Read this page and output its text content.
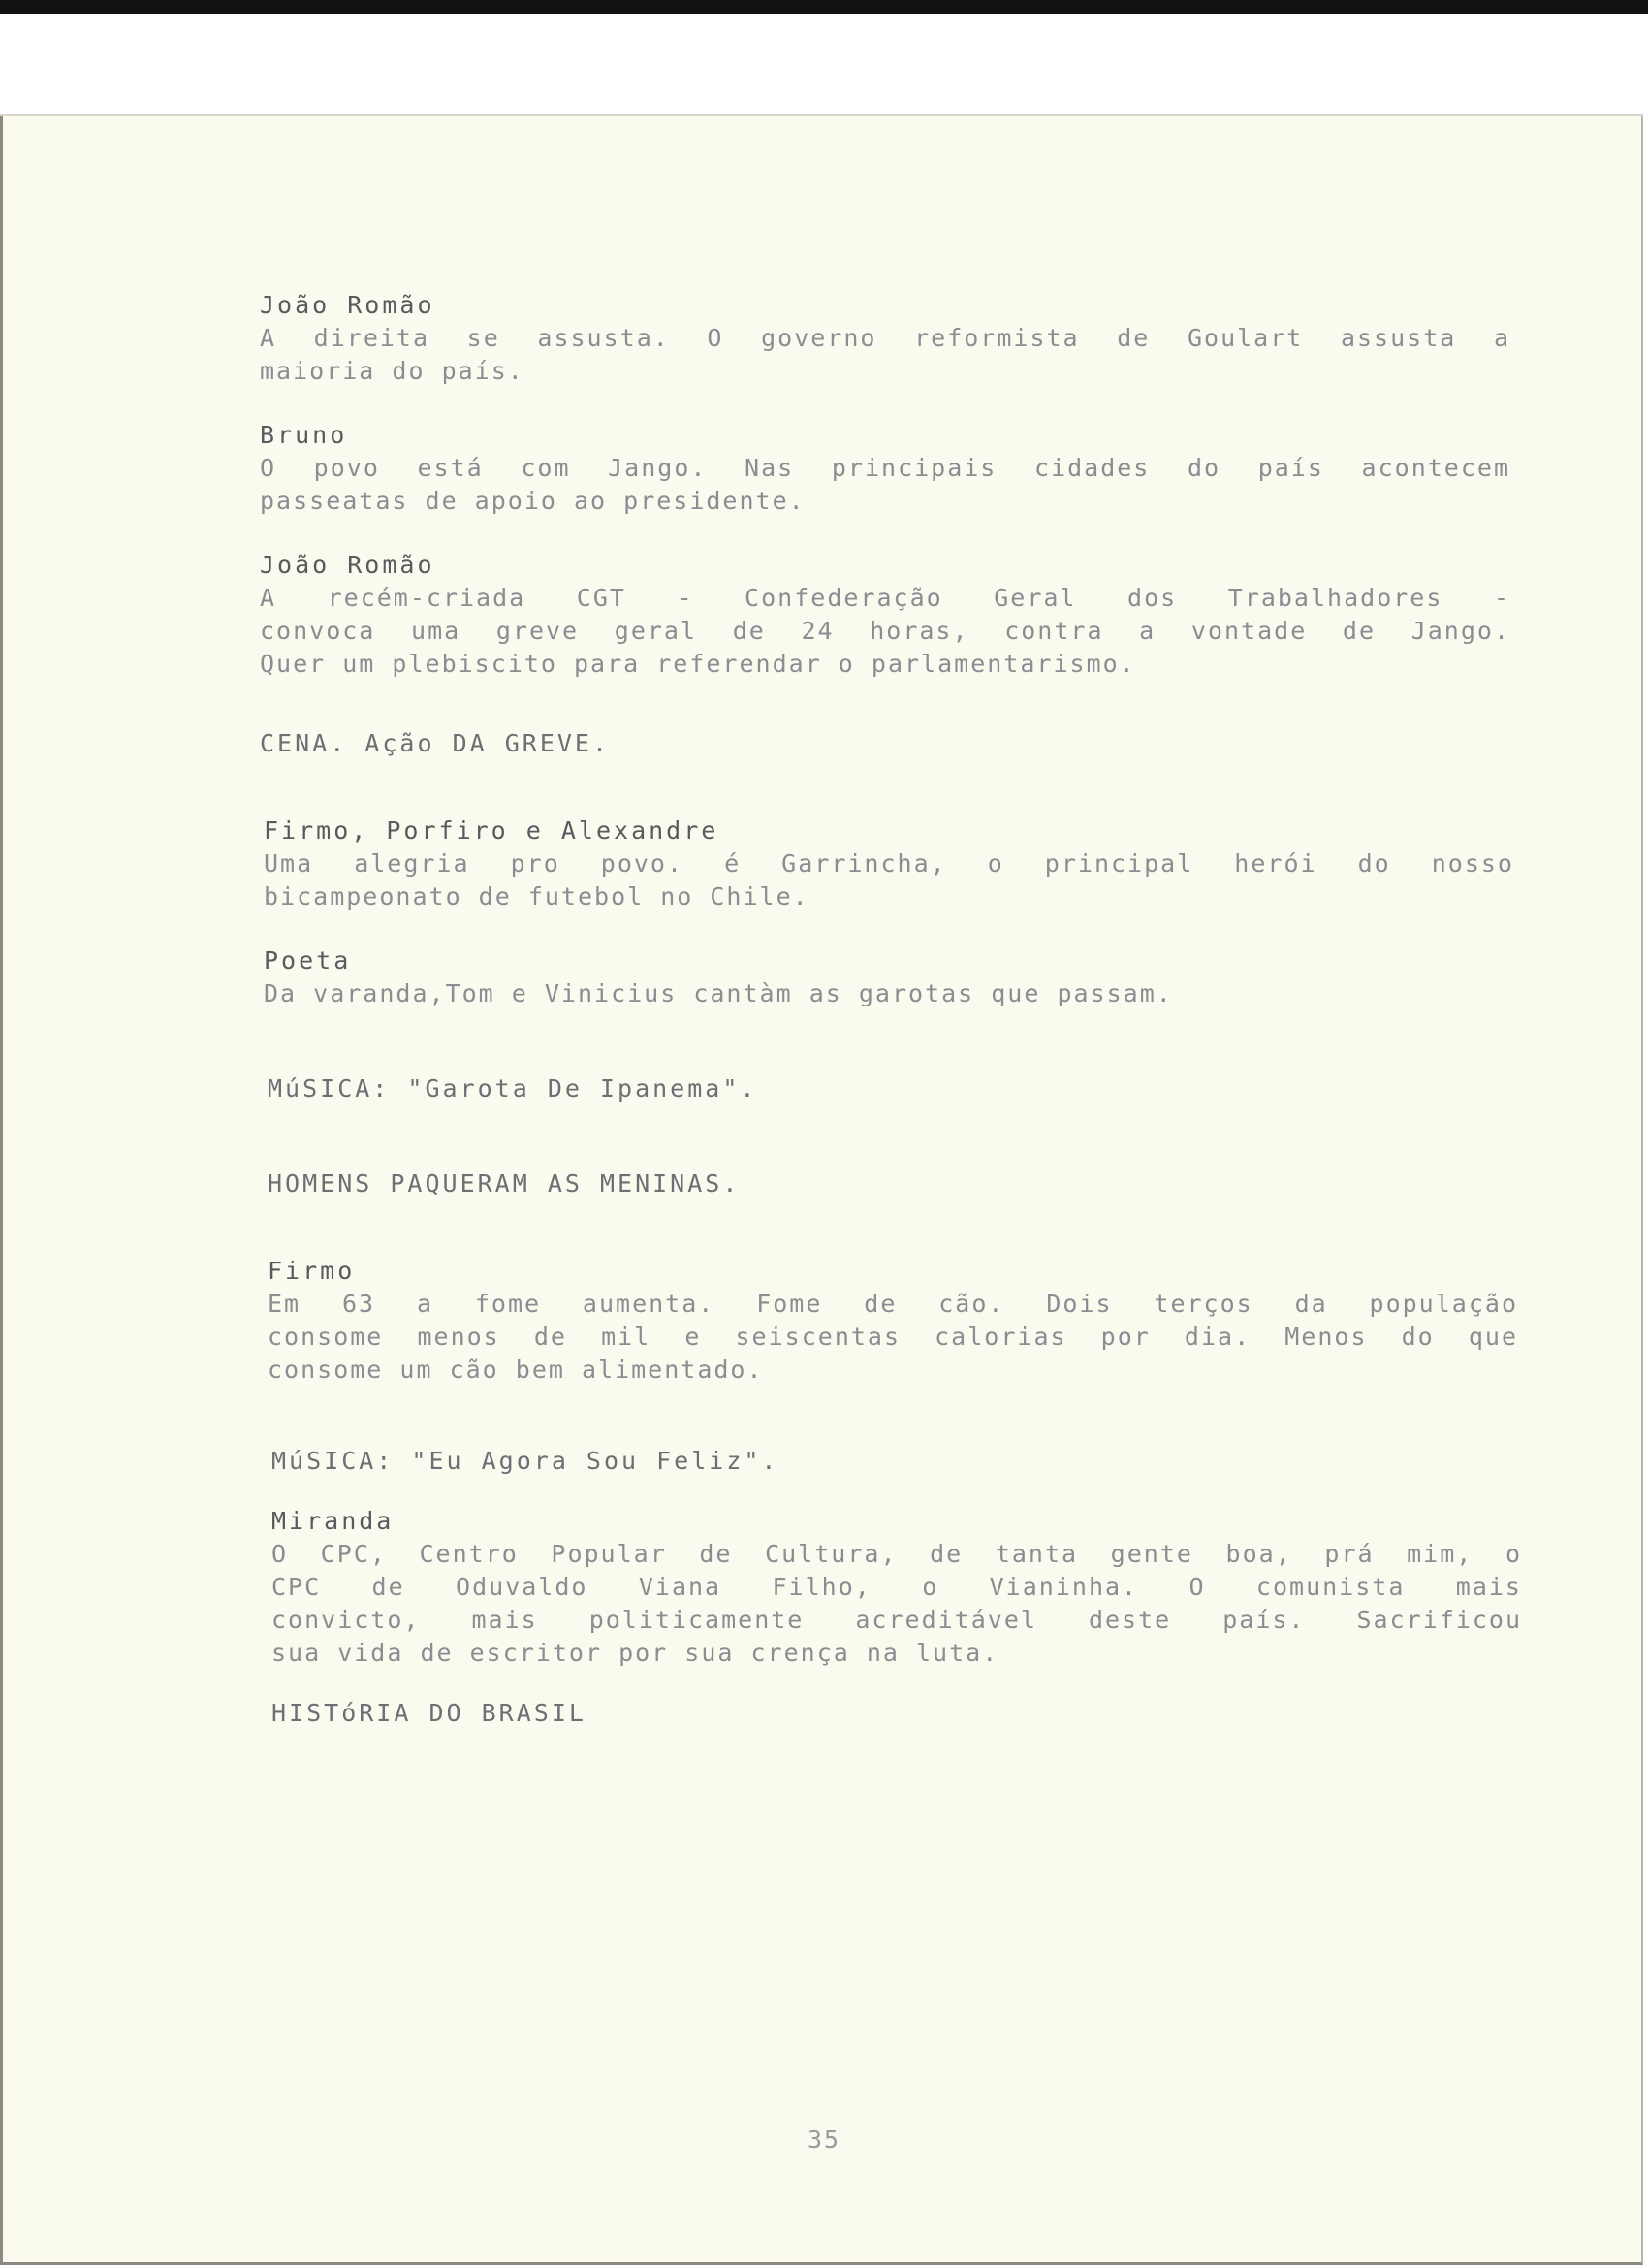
João Romão
A direita se assusta. O governo reformista de Goulart assusta a
maioria do país.
Bruno
O povo está com Jango. Nas principais cidades do país acontecem
passeatas de apoio ao presidente.
João Romão
A recém-criada CGT - Confederação Geral dos Trabalhadores -
convoca uma greve geral de 24 horas, contra a vontade de Jango.
Quer um plebiscito para referendar o parlamentarismo.
CENA. Ação DA GREVE.
Firmo, Porfiro e Alexandre
Uma alegria pro povo. é Garrincha, o principal herói do nosso
bicampeonato de futebol no Chile.
Poeta
Da varanda,Tom e Vinicius cantàm as garotas que passam.
MúSICA: "Garota De Ipanema".
HOMENS PAQUERAM AS MENINAS.
Firmo
Em 63 a fome aumenta. Fome de cão. Dois terços da população
consome menos de mil e seiscentas calorias por dia. Menos do que
consome um cão bem alimentado.
MúSICA: "Eu Agora Sou Feliz".
Miranda
O CPC, Centro Popular de Cultura, de tanta gente boa, prá mim, o
CPC de Oduvaldo Viana Filho, o Vianinha. O comunista mais
convicto, mais politicamente acreditável deste país. Sacrificou
sua vida de escritor por sua crença na luta.
HISTóRIA DO BRASIL
35
